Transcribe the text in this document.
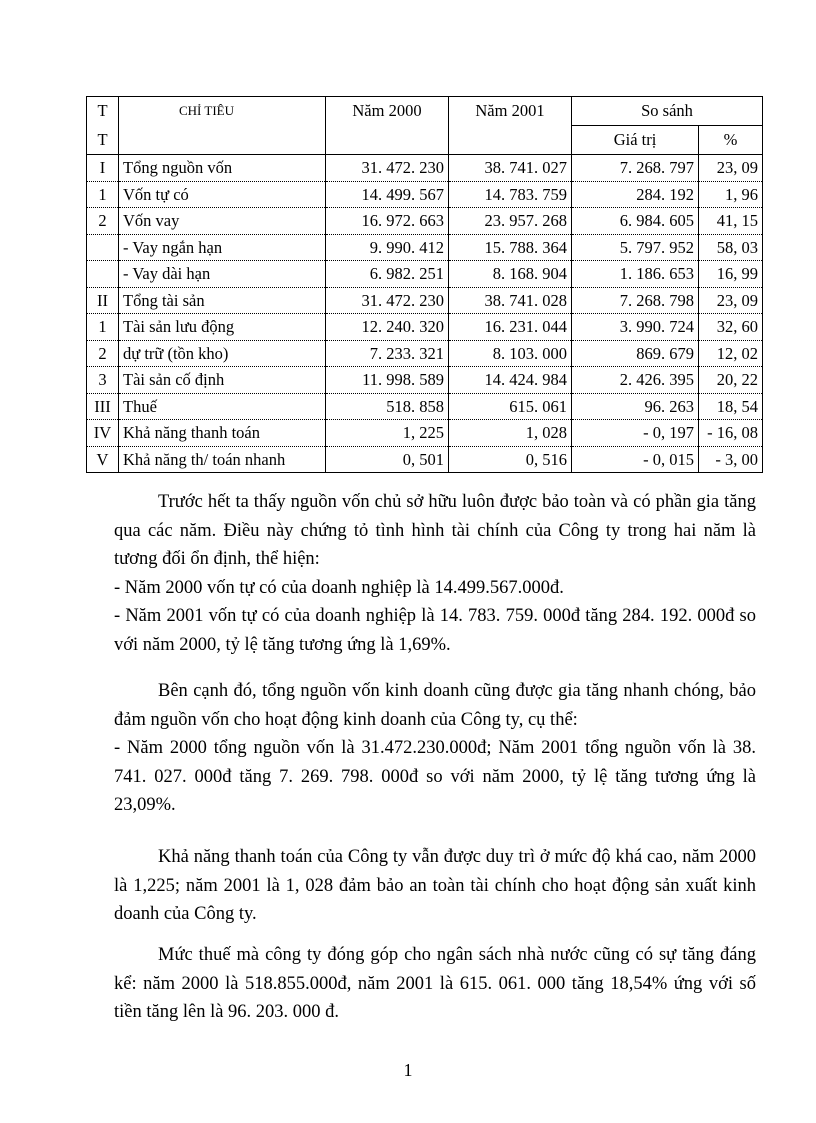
T	CHỈ TIÊU	Năm 2000	Năm 2001	So sánh	
T				Giá trị	%
I	Tổng nguồn vốn	31. 472. 230	38. 741. 027	7. 268. 797	23, 09
1	Vốn tự có	14. 499. 567	14. 783. 759	284. 192	1, 96
2	Vốn vay	16. 972. 663	23. 957. 268	6. 984. 605	41, 15
	- Vay ngắn hạn	9. 990. 412	15. 788. 364	5. 797. 952	58, 03
	- Vay dài hạn	6. 982. 251	8. 168. 904	1. 186. 653	16, 99
II	Tổng tài sản	31. 472. 230	38. 741. 028	7. 268. 798	23, 09
1	Tài sản lưu động	12. 240. 320	16. 231. 044	3. 990. 724	32, 60
2	dự trữ (tồn kho)	7. 233. 321	8. 103. 000	869. 679	12, 02
3	Tài sản cố định	11. 998. 589	14. 424. 984	2. 426. 395	20, 22
III	Thuế	518. 858	615. 061	96. 263	18, 54
IV	Khả năng thanh toán	1, 225	1, 028	- 0, 197	- 16, 08
V	Khả năng th/ toán nhanh	0, 501	0, 516	- 0, 015	- 3, 00

Trước hết ta thấy nguồn vốn chủ sở hữu luôn được bảo toàn và có phần gia tăng qua các năm. Điều này chứng tỏ tình hình tài chính của Công ty trong hai năm là tương đối ổn định, thể hiện:

- Năm 2000 vốn tự có của doanh nghiệp là 14.499.567.000đ.

- Năm 2001 vốn tự có của doanh nghiệp là 14. 783. 759. 000đ tăng 284. 192. 000đ so với năm 2000, tỷ lệ tăng tương ứng là 1,69%.

Bên cạnh đó, tổng nguồn vốn kinh doanh cũng được gia tăng nhanh chóng, bảo đảm nguồn vốn cho hoạt động kinh doanh của Công ty, cụ thể:

- Năm 2000 tổng nguồn vốn là 31.472.230.000đ; Năm 2001 tổng nguồn vốn là 38. 741. 027. 000đ tăng 7. 269. 798. 000đ so với năm 2000, tỷ lệ tăng tương ứng là 23,09%.

Khả năng thanh toán của Công ty vẫn được duy trì ở mức độ khá cao, năm 2000 là 1,225; năm 2001 là 1, 028 đảm bảo an toàn tài chính cho hoạt động sản xuất kinh doanh của Công ty.

Mức thuế mà công ty đóng góp cho ngân sách nhà nước cũng có sự tăng đáng kể: năm 2000 là 518.855.000đ, năm 2001 là 615. 061. 000 tăng 18,54% ứng với số tiền tăng lên là 96. 203. 000 đ.

1
